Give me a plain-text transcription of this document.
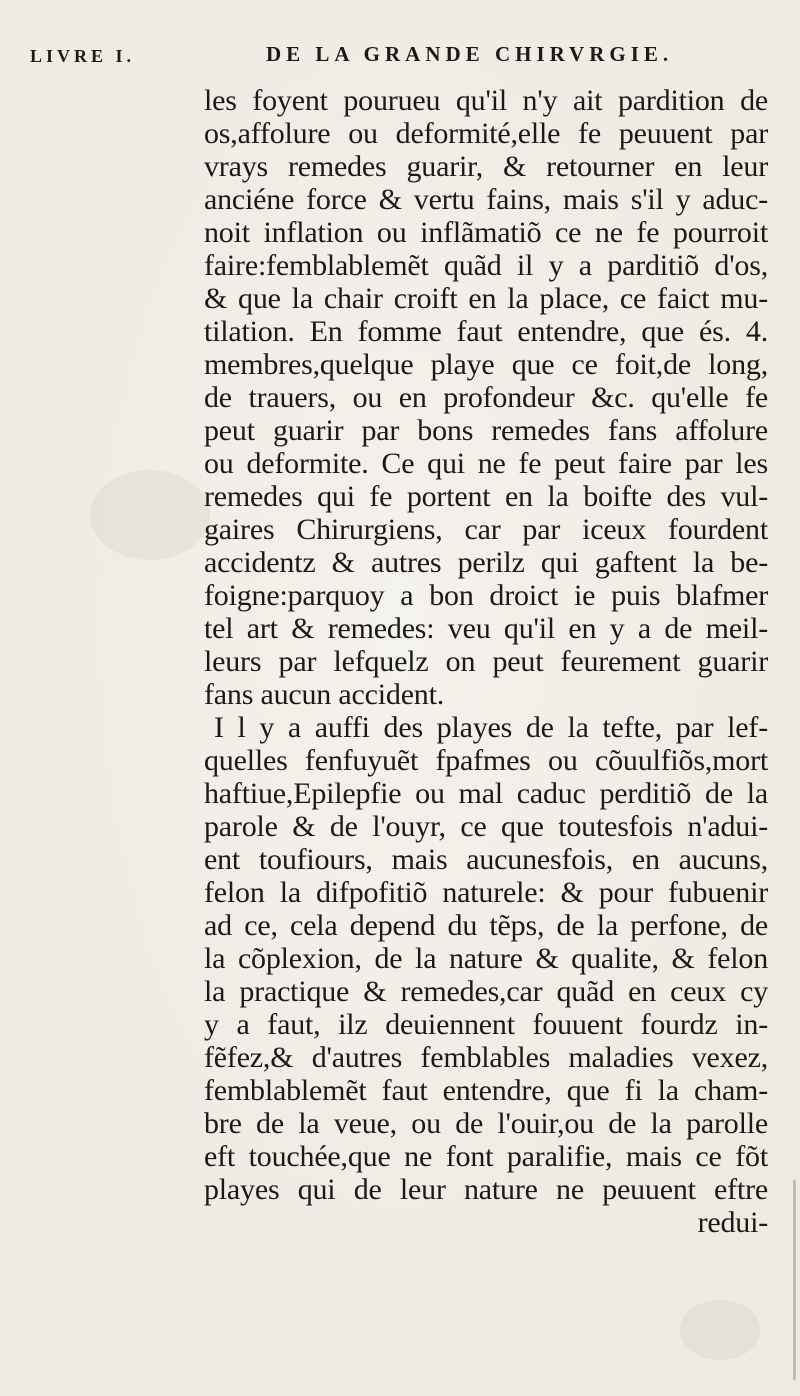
LIVRE I.	DE LA GRANDE CHIRVRGIE.
les foyent pourueu qu'il n'y ait pardition de
os,affolure ou deformité,elle fe peuuent par
vrays remedes guarir, & retourner en leur
anciéne force & vertu fains, mais s'il y aduc-
noit inflation ou inflãmatiõ ce ne fe pourroit
faire:femblablemẽt quãd il y a parditiõ d'os,
& que la chair croift en la place, ce faict mu-
tilation. En fomme faut entendre, que és. 4.
membres,quelque playe que ce foit,de long,
de trauers, ou en profondeur &c. qu'elle fe
peut guarir par bons remedes fans affolure
ou deformite. Ce qui ne fe peut faire par les
remedes qui fe portent en la boifte des vul-
gaires Chirurgiens, car par iceux fourdent
accidentz & autres perilz qui gaftent la be-
foigne:parquoy a bon droict ie puis blafmer
tel art & remedes: veu qu'il en y a de meil-
leurs par lefquelz on peut feurement guarir
fans aucun accident.
I l y a auffi des playes de la tefte, par lef-
quelles fenfuyuẽt fpafmes ou cõuulfiõs,mort
haftiue,Epilepfie ou mal caduc perditiõ de la
parole & de l'ouyr, ce que toutesfois n'adui-
ent toufiours, mais aucunesfois, en aucuns,
felon la difpofitiõ naturele: & pour fubuenir
ad ce, cela depend du tẽps, de la perfone, de
la cõplexion, de la nature & qualite, & felon
la practique & remedes,car quãd en ceux cy
y a faut, ilz deuiennent fouuent fourdz in-
fẽfez,& d'autres femblables maladies vexez,
femblablemẽt faut entendre, que fi la cham-
bre de la veue, ou de l'ouir,ou de la parolle
eft touchée,que ne font paralifie, mais ce fõt
playes qui de leur nature ne peuuent eftre
redui-
